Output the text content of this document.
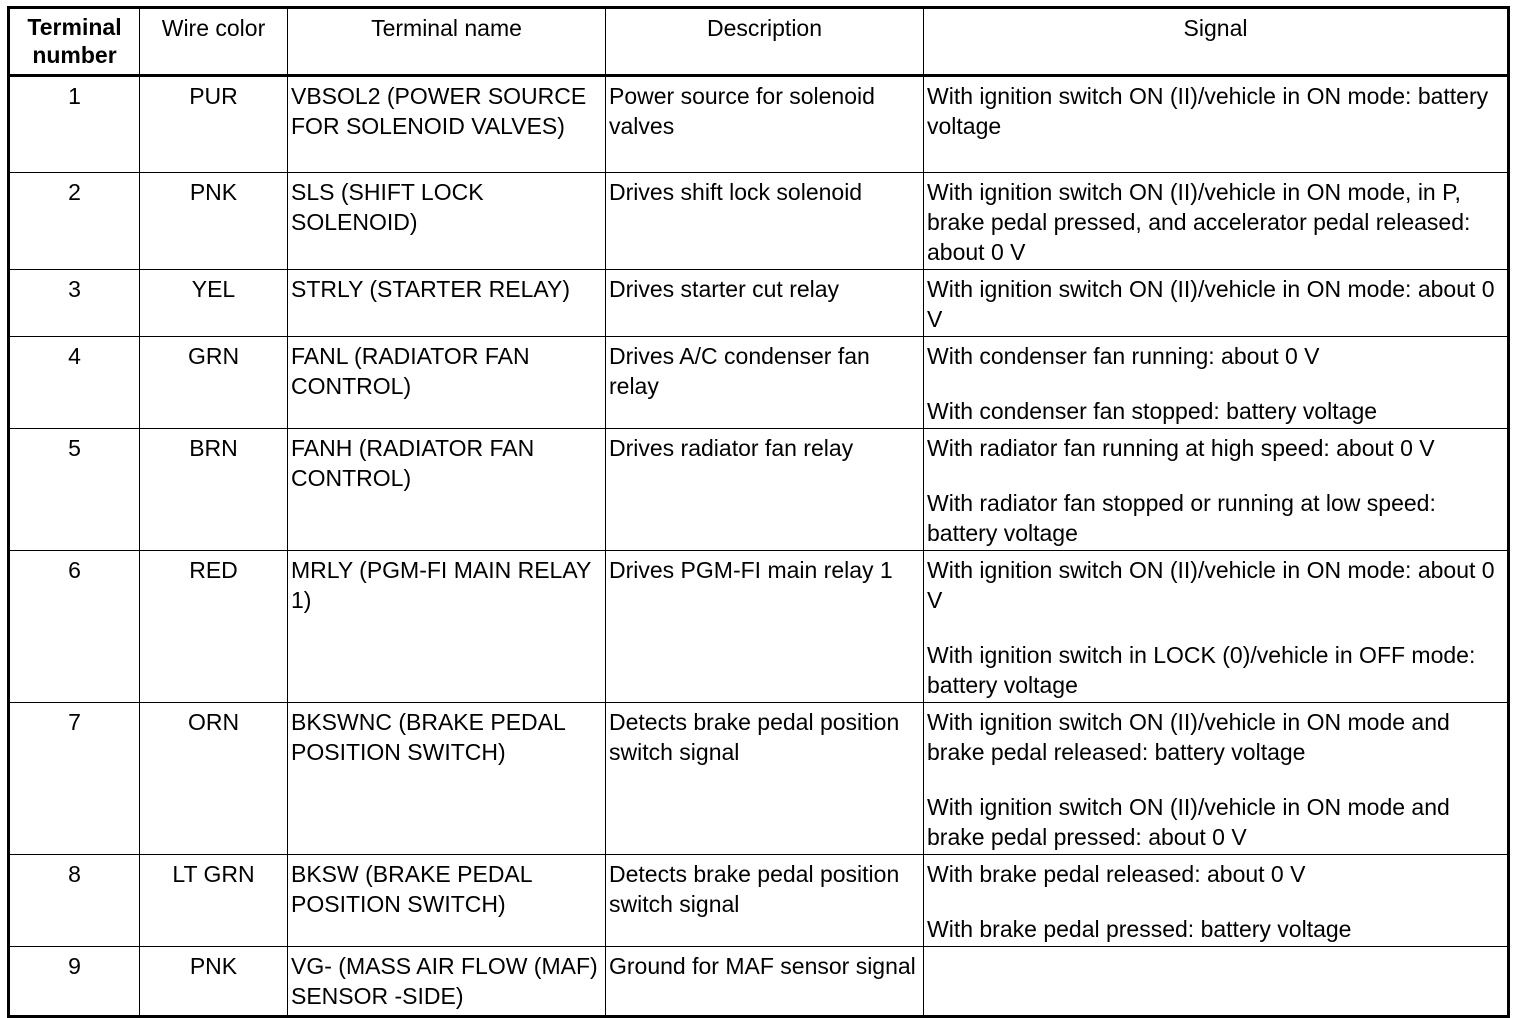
Terminal number	Wire color	Terminal name	Description	Signal
1	PUR	VBSOL2 (POWER SOURCE FOR SOLENOID VALVES)	Power source for solenoid valves	With ignition switch ON (II)/vehicle in ON mode: battery voltage

2	PNK	SLS (SHIFT LOCK SOLENOID)	Drives shift lock solenoid	With ignition switch ON (II)/vehicle in ON mode, in P, brake pedal pressed, and accelerator pedal released: about 0 V

3	YEL	STRLY (STARTER RELAY)	Drives starter cut relay	With ignition switch ON (II)/vehicle in ON mode: about 0 V

4	GRN	FANL (RADIATOR FAN CONTROL)	Drives A/C condenser fan relay	With condenser fan running: about 0 V
With condenser fan stopped: battery voltage

5	BRN	FANH (RADIATOR FAN CONTROL)	Drives radiator fan relay	With radiator fan running at high speed: about 0 V
With radiator fan stopped or running at low speed: battery voltage

6	RED	MRLY (PGM-FI MAIN RELAY 1)	Drives PGM-FI main relay 1	With ignition switch ON (II)/vehicle in ON mode: about 0 V
With ignition switch in LOCK (0)/vehicle in OFF mode: battery voltage

7	ORN	BKSWNC (BRAKE PEDAL POSITION SWITCH)	Detects brake pedal position switch signal	With ignition switch ON (II)/vehicle in ON mode and brake pedal released: battery voltage
With ignition switch ON (II)/vehicle in ON mode and brake pedal pressed: about 0 V

8	LT GRN	BKSW (BRAKE PEDAL POSITION SWITCH)	Detects brake pedal position switch signal	With brake pedal released: about 0 V
With brake pedal pressed: battery voltage

9	PNK	VG- (MASS AIR FLOW (MAF) SENSOR -SIDE)	Ground for MAF sensor signal	
